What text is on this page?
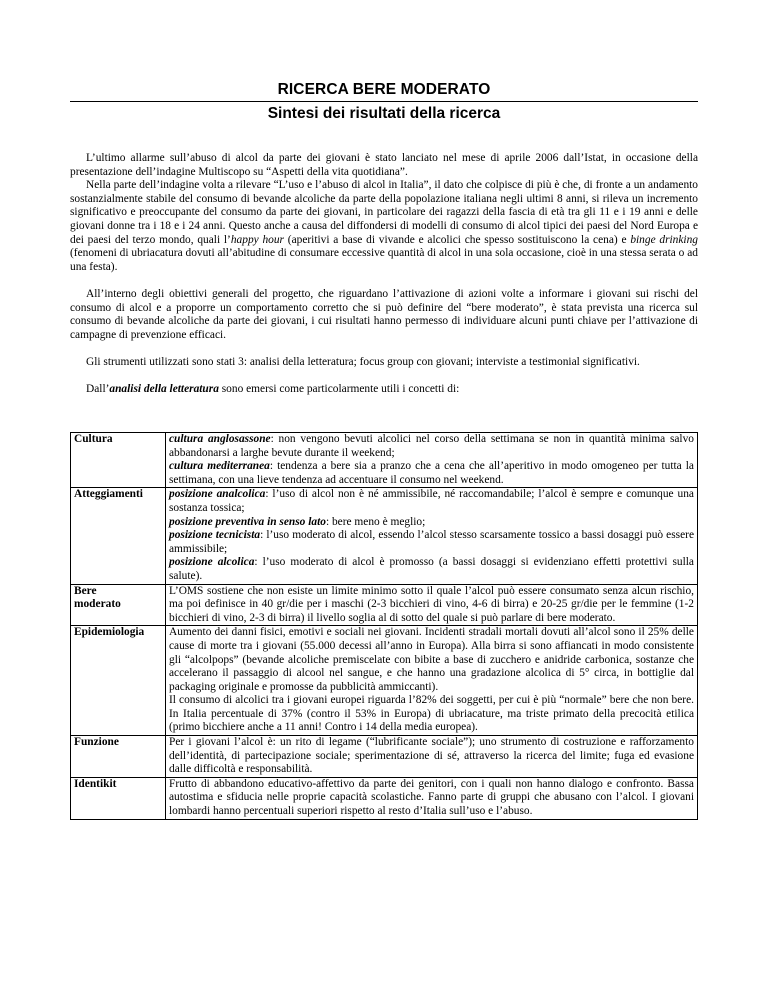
RICERCA BERE MODERATO
Sintesi dei risultati della ricerca

L’ultimo allarme sull’abuso di alcol da parte dei giovani è stato lanciato nel mese di aprile 2006 dall’Istat, in occasione della presentazione dell’indagine Multiscopo su “Aspetti della vita quotidiana”.

Nella parte dell’indagine volta a rilevare “L’uso e l’abuso di alcol in Italia”, il dato che colpisce di più è che, di fronte a un andamento sostanzialmente stabile del consumo di bevande alcoliche da parte della popolazione italiana negli ultimi 8 anni, si rileva un incremento significativo e preoccupante del consumo da parte dei giovani, in particolare dei ragazzi della fascia di età tra gli 11 e i 19 anni e delle giovani donne tra i 18 e i 24 anni. Questo anche a causa del diffondersi di modelli di consumo di alcol tipici dei paesi del Nord Europa e dei paesi del terzo mondo, quali l’happy hour (aperitivi a base di vivande e alcolici che spesso sostituiscono la cena) e binge drinking (fenomeni di ubriacatura dovuti all’abitudine di consumare eccessive quantità di alcol in una sola occasione, cioè in una stessa serata o ad una festa).

All’interno degli obiettivi generali del progetto, che riguardano l’attivazione di azioni volte a informare i giovani sui rischi del consumo di alcol e a proporre un comportamento corretto che si può definire del “bere moderato”, è stata prevista una ricerca sul consumo di bevande alcoliche da parte dei giovani, i cui risultati hanno permesso di individuare alcuni punti chiave per l’attivazione di campagne di prevenzione efficaci.

Gli strumenti utilizzati sono stati 3: analisi della letteratura; focus group con giovani; interviste a testimonial significativi.

Dall’analisi della letteratura sono emersi come particolarmente utili i concetti di:

Cultura	cultura anglosassone: non vengono bevuti alcolici nel corso della settimana se non in quantità minima salvo abbandonarsi a larghe bevute durante il weekend;
cultura mediterranea: tendenza a bere sia a pranzo che a cena che all’aperitivo in modo omogeneo per tutta la settimana, con una lieve tendenza ad accentuare il consumo nel weekend.
Atteggiamenti	posizione analcolica: l’uso di alcol non è né ammissibile, né raccomandabile; l’alcol è sempre e comunque una sostanza tossica;
posizione preventiva in senso lato: bere meno è meglio;
posizione tecnicista: l’uso moderato di alcol, essendo l’alcol stesso scarsamente tossico a bassi dosaggi può essere ammissibile;
posizione alcolica: l’uso moderato di alcol è promosso (a bassi dosaggi si evidenziano effetti protettivi sulla salute).
Bere
moderato	L’OMS sostiene che non esiste un limite minimo sotto il quale l’alcol può essere consumato senza alcun rischio, ma poi definisce in 40 gr/die per i maschi (2-3 bicchieri di vino, 4-6 di birra) e 20-25 gr/die per le femmine (1-2 bicchieri di vino, 2-3 di birra) il livello soglia al di sotto del quale si può parlare di bere moderato.
Epidemiologia	Aumento dei danni fisici, emotivi e sociali nei giovani. Incidenti stradali mortali dovuti all’alcol sono il 25% delle cause di morte tra i giovani (55.000 decessi all’anno in Europa). Alla birra si sono affiancati in modo consistente gli “alcolpops” (bevande alcoliche premiscelate con bibite a base di zucchero e anidride carbonica, sostanze che accelerano il passaggio di alcool nel sangue, e che hanno una gradazione alcolica di 5° circa, in bottiglie dal packaging originale e promosse da pubblicità ammiccanti).
Il consumo di alcolici tra i giovani europei riguarda l’82% dei soggetti, per cui è più “normale” bere che non bere. In Italia percentuale di 37% (contro il 53% in Europa) di ubriacature, ma triste primato della precocità etilica (primo bicchiere anche a 11 anni! Contro i 14 della media europea).
Funzione	Per i giovani l’alcol è: un rito di legame (“lubrificante sociale”); uno strumento di costruzione e rafforzamento dell’identità, di partecipazione sociale; sperimentazione di sé, attraverso la ricerca del limite; fuga ed evasione dalle difficoltà e responsabilità.
Identikit	Frutto di abbandono educativo-affettivo da parte dei genitori, con i quali non hanno dialogo e confronto. Bassa autostima e sfiducia nelle proprie capacità scolastiche. Fanno parte di gruppi che abusano con l’alcol. I giovani lombardi hanno percentuali superiori rispetto al resto d’Italia sull’uso e l’abuso.
